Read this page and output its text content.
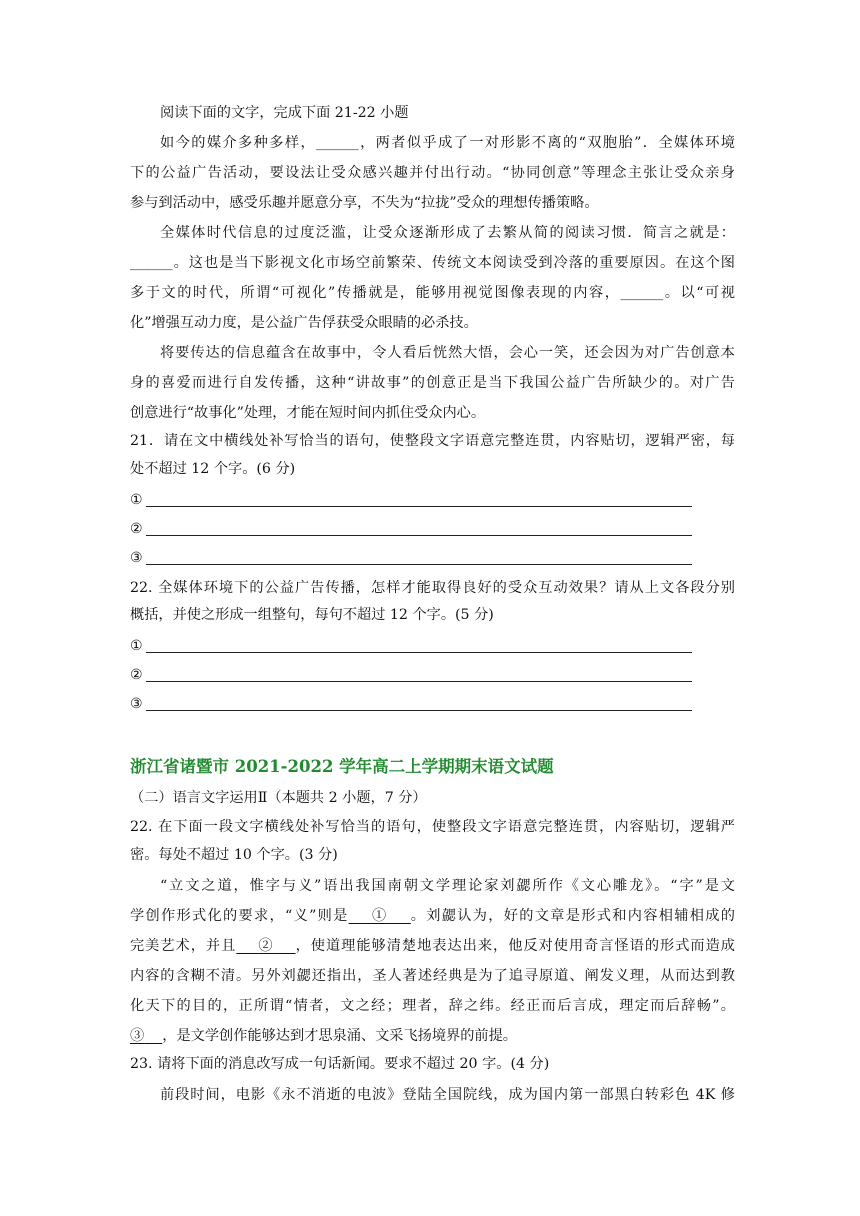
阅读下面的文字，完成下面 21-22 小题
如今的媒介多种多样，______，两者似乎成了一对形影不离的“双胞胎”．全媒体环境
下的公益广告活动，要设法让受众感兴趣并付出行动。“协同创意”等理念主张让受众亲身
参与到活动中，感受乐趣并愿意分享，不失为“拉拢”受众的理想传播策略。
全媒体时代信息的过度泛滥，让受众逐渐形成了去繁从简的阅读习惯．简言之就是：
______。这也是当下影视文化市场空前繁荣、传统文本阅读受到冷落的重要原因。在这个图
多于文的时代，所谓“可视化”传播就是，能够用视觉图像表现的内容，______。以“可视
化”增强互动力度，是公益广告俘获受众眼睛的必杀技。
将要传达的信息蕴含在故事中，令人看后恍然大悟，会心一笑，还会因为对广告创意本
身的喜爱而进行自发传播，这种“讲故事”的创意正是当下我国公益广告所缺少的。对广告
创意进行“故事化”处理，才能在短时间内抓住受众内心。
21．请在文中横线处补写恰当的语句，使整段文字语意完整连贯，内容贴切，逻辑严密，每
处不超过 12 个字。(6 分)
①
②
③
22. 全媒体环境下的公益广告传播，怎样才能取得良好的受众互动效果？请从上文各段分别
概括，并使之形成一组整句，每句不超过 12 个字。(5 分)
①
②
③
浙江省诸暨市 2021-2022 学年高二上学期期末语文试题
（二）语言文字运用Ⅱ（本题共 2 小题，7 分）
22. 在下面一段文字横线处补写恰当的语句，使整段文字语意完整连贯，内容贴切，逻辑严
密。每处不超过 10 个字。(3 分)
“立文之道，惟字与义”语出我国南朝文学理论家刘勰所作《文心雕龙》。“字”是文
学创作形式化的要求，“义”则是 ① 。刘勰认为，好的文章是形式和内容相辅相成的
完美艺术，并且 ② ，使道理能够清楚地表达出来，他反对使用奇言怪语的形式而造成
内容的含糊不清。另外刘勰还指出，圣人著述经典是为了追寻原道、阐发义理，从而达到教
化天下的目的，正所谓“情者，文之经；理者，辞之纬。经正而后言成，理定而后辞畅”。
③ ，是文学创作能够达到才思泉涌、文采飞扬境界的前提。
23. 请将下面的消息改写成一句话新闻。要求不超过 20 字。(4 分)
前段时间，电影《永不消逝的电波》登陆全国院线，成为国内第一部黑白转彩色 4K 修
